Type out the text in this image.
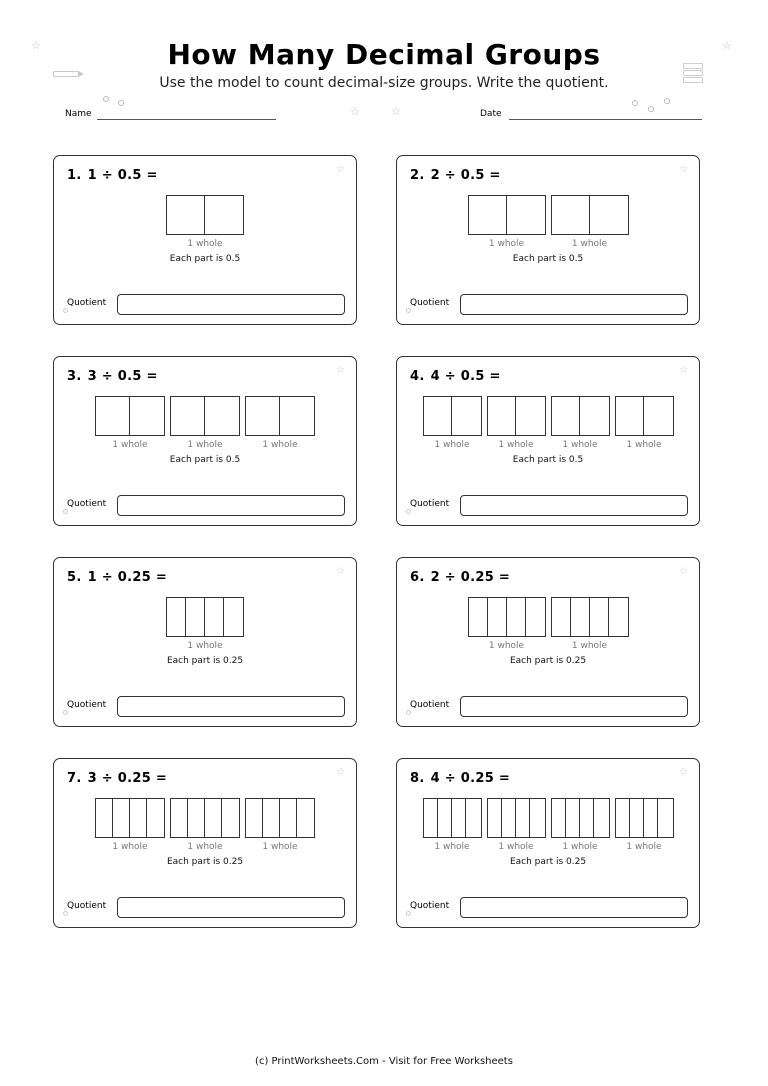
☆	☆
☆	☆
How Many Decimal Groups
Use the model to count decimal-size groups. Write the quotient.
Name	Date
1. 1 ÷ 0.5 =	☆
1 whole
Each part is 0.5
Quotient
2. 2 ÷ 0.5 =	☆
1 whole	1 whole
Each part is 0.5
Quotient
3. 3 ÷ 0.5 =	☆
1 whole	1 whole	1 whole
Each part is 0.5
Quotient
4. 4 ÷ 0.5 =	☆
1 whole	1 whole	1 whole	1 whole
Each part is 0.5
Quotient
5. 1 ÷ 0.25 =	☆
1 whole
Each part is 0.25
Quotient
6. 2 ÷ 0.25 =	☆
1 whole	1 whole
Each part is 0.25
Quotient
7. 3 ÷ 0.25 =	☆
1 whole	1 whole	1 whole
Each part is 0.25
Quotient
8. 4 ÷ 0.25 =	☆
1 whole	1 whole	1 whole	1 whole
Each part is 0.25
Quotient
(c) PrintWorksheets.Com - Visit for Free Worksheets
